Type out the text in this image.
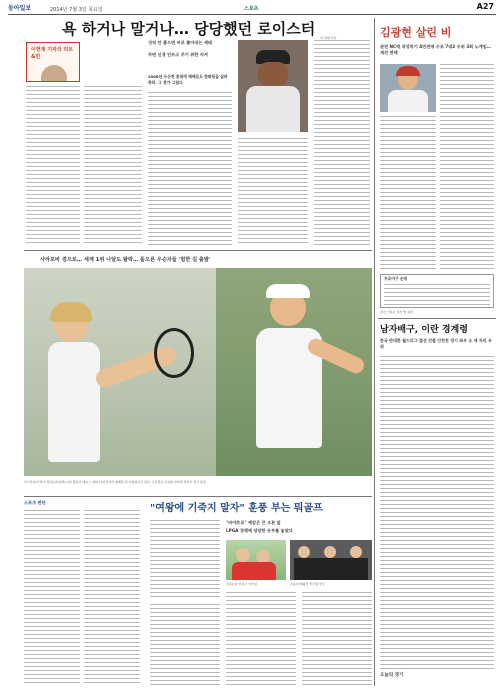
동아일보	2014년 7월 3일 목요일	스포츠	A27
욕 하거나 말거나… 당당했던 로이스터	이 헌재 기자
이헌재 기자의 히트&런
성적 안 좋으면 바로 쫓아내는 세태
주변 신경 안쓰고 주기 위한 지켜
2008년 두산전 롯데에 패배로도 한화팀을 살려 축하. 그 롯가 그립다
사라포바 겸으로… 세계 1위 나달도 탈락… 돌오른 우승자들 '험한 길 출발'
러시아의 마리야 샤라포바(왼쪽) 2일 윔블던 테니스 대회 16강전에서 패배한 뒤 아쉬워하고 있다. 오른쪽은 독일의 자비네 리지키 경기 장면.
스포츠 판단
"여왕에 기죽지 말자" 훈풍 부는 뭐골프
"바야흐로" 예감은 큰 오른 앞
LPGA 경쟁에 당당한 승부를 놓았다
김하늘과 김효주 이미림	조윤지 배희경 박주영 선수
김광현 살린 비
관전 NC에 작성하기 4연전에 수로 7대2 우위 3회 노게임… 재건 연패
프로야구 순위
관전 기록은 일자 별 결과
남자배구, 이란 경계령
한국 반대한 월드리그 결선 진출 인천전 경기 좌우 오 세 자리 우위
오늘의 경기
